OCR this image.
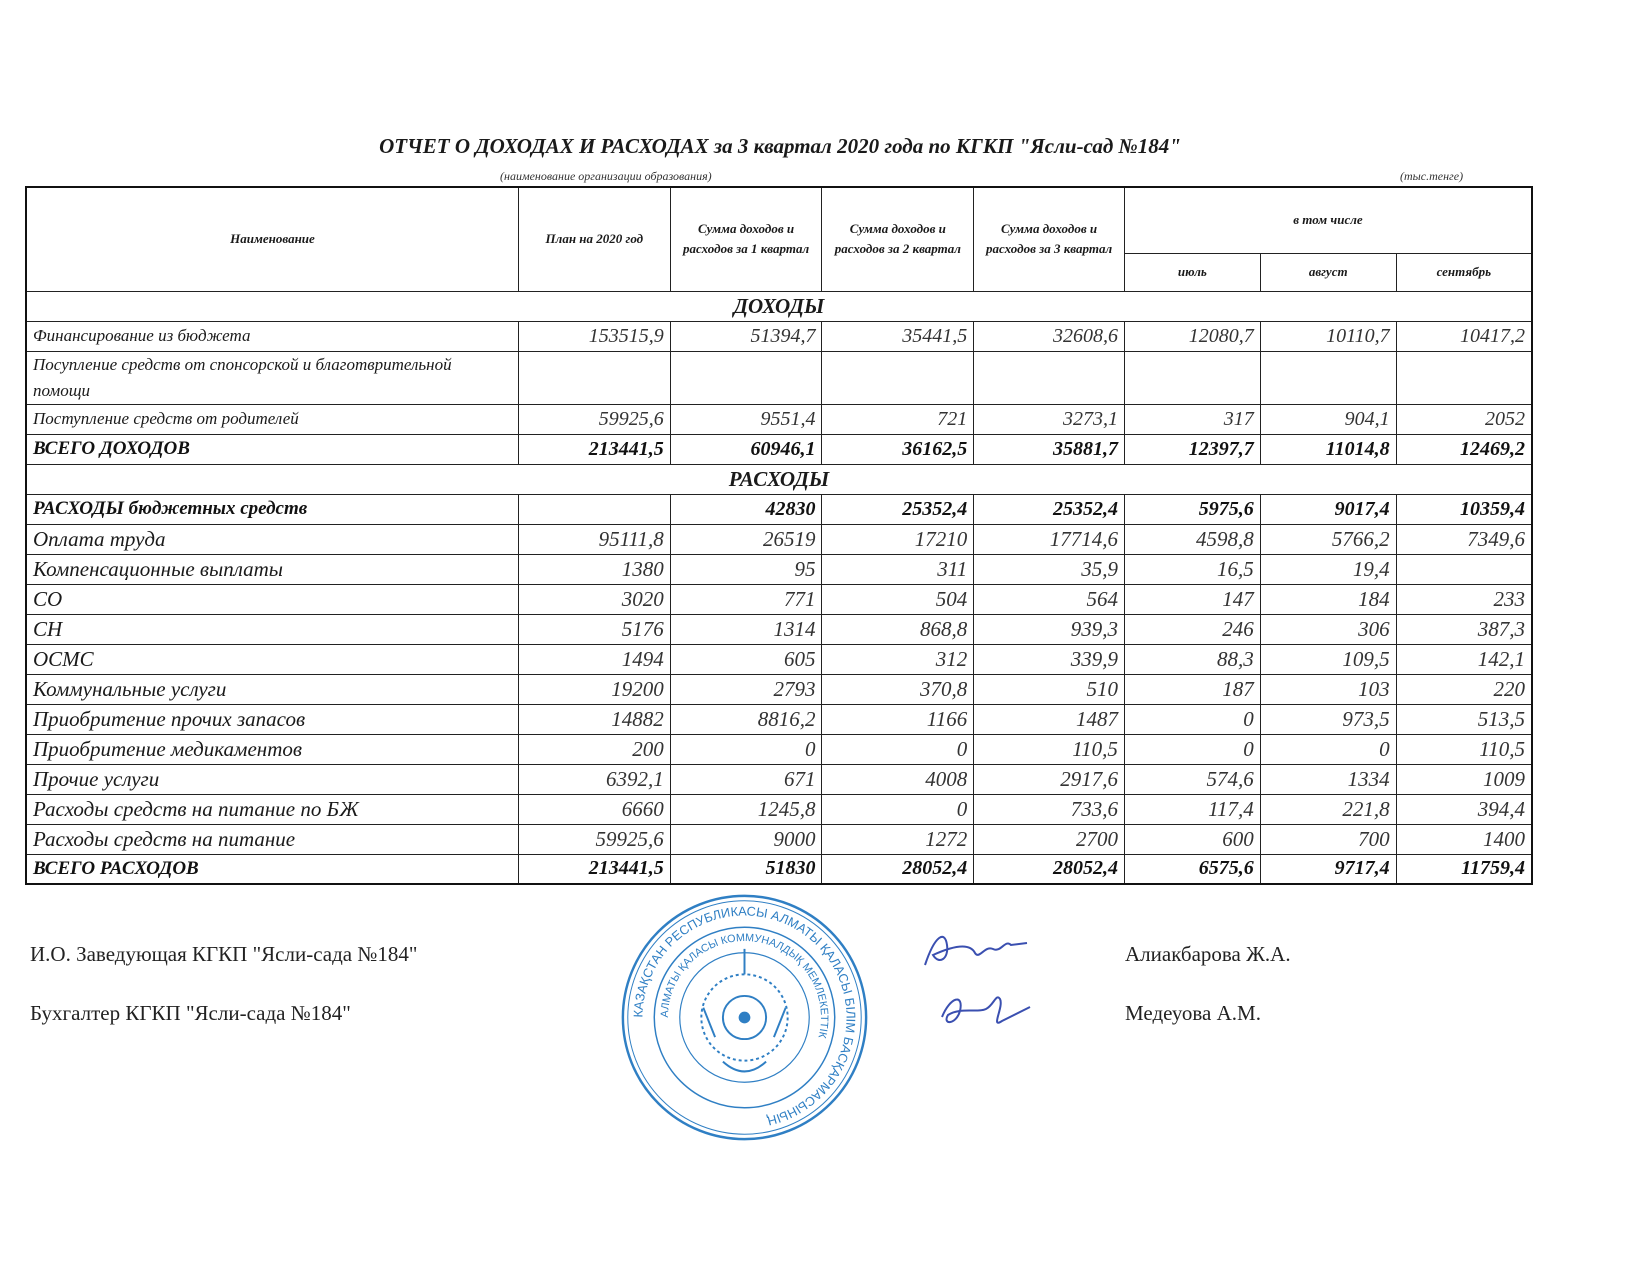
ОТЧЕТ О ДОХОДАХ И РАСХОДАХ за 3 квартал 2020 года по КГКП "Ясли-сад №184"
(наименование организации образования)	(тыс.тенге)
Наименование	План на 2020 год	Сумма доходов и расходов за 1 квартал	Сумма доходов и расходов за 2 квартал	Сумма доходов и расходов за 3 квартал	в том числе		
					июль	август	сентябрь
ДОХОДЫ							
Финансирование из бюджета	153515,9	51394,7	35441,5	32608,6	12080,7	10110,7	10417,2
Посупление средств от спонсорской и благотврительной помощи							
Поступление средств от родителей	59925,6	9551,4	721	3273,1	317	904,1	2052
ВСЕГО ДОХОДОВ	213441,5	60946,1	36162,5	35881,7	12397,7	11014,8	12469,2
РАСХОДЫ							
РАСХОДЫ бюджетных средств		42830	25352,4	25352,4	5975,6	9017,4	10359,4
Оплата труда	95111,8	26519	17210	17714,6	4598,8	5766,2	7349,6
Компенсационные выплаты	1380	95	311	35,9	16,5	19,4	
СО	3020	771	504	564	147	184	233
СН	5176	1314	868,8	939,3	246	306	387,3
ОСМС	1494	605	312	339,9	88,3	109,5	142,1
Коммунальные услуги	19200	2793	370,8	510	187	103	220
Приобритение прочих запасов	14882	8816,2	1166	1487	0	973,5	513,5
Приобритение медикаментов	200	0	0	110,5	0	0	110,5
Прочие услуги	6392,1	671	4008	2917,6	574,6	1334	1009
Расходы средств на питание по БЖ	6660	1245,8	0	733,6	117,4	221,8	394,4
Расходы средств на питание	59925,6	9000	1272	2700	600	700	1400
ВСЕГО РАСХОДОВ	213441,5	51830	28052,4	28052,4	6575,6	9717,4	11759,4
И.О. Заведующая КГКП "Ясли-сада №184"	Алиакбарова Ж.А.
Бухгалтер КГКП "Ясли-сада №184"	Медеуова А.М.
КАЗАҚСТАН РЕСПУБЛИКАСЫ АЛМАТЫ ҚАЛАСЫ БІЛІМ БАСҚАРМАСЫНЫҢ
АЛМАТЫ ҚАЛАСЫ КОММУНАЛДЫҚ МЕМЛЕКЕТТІК
